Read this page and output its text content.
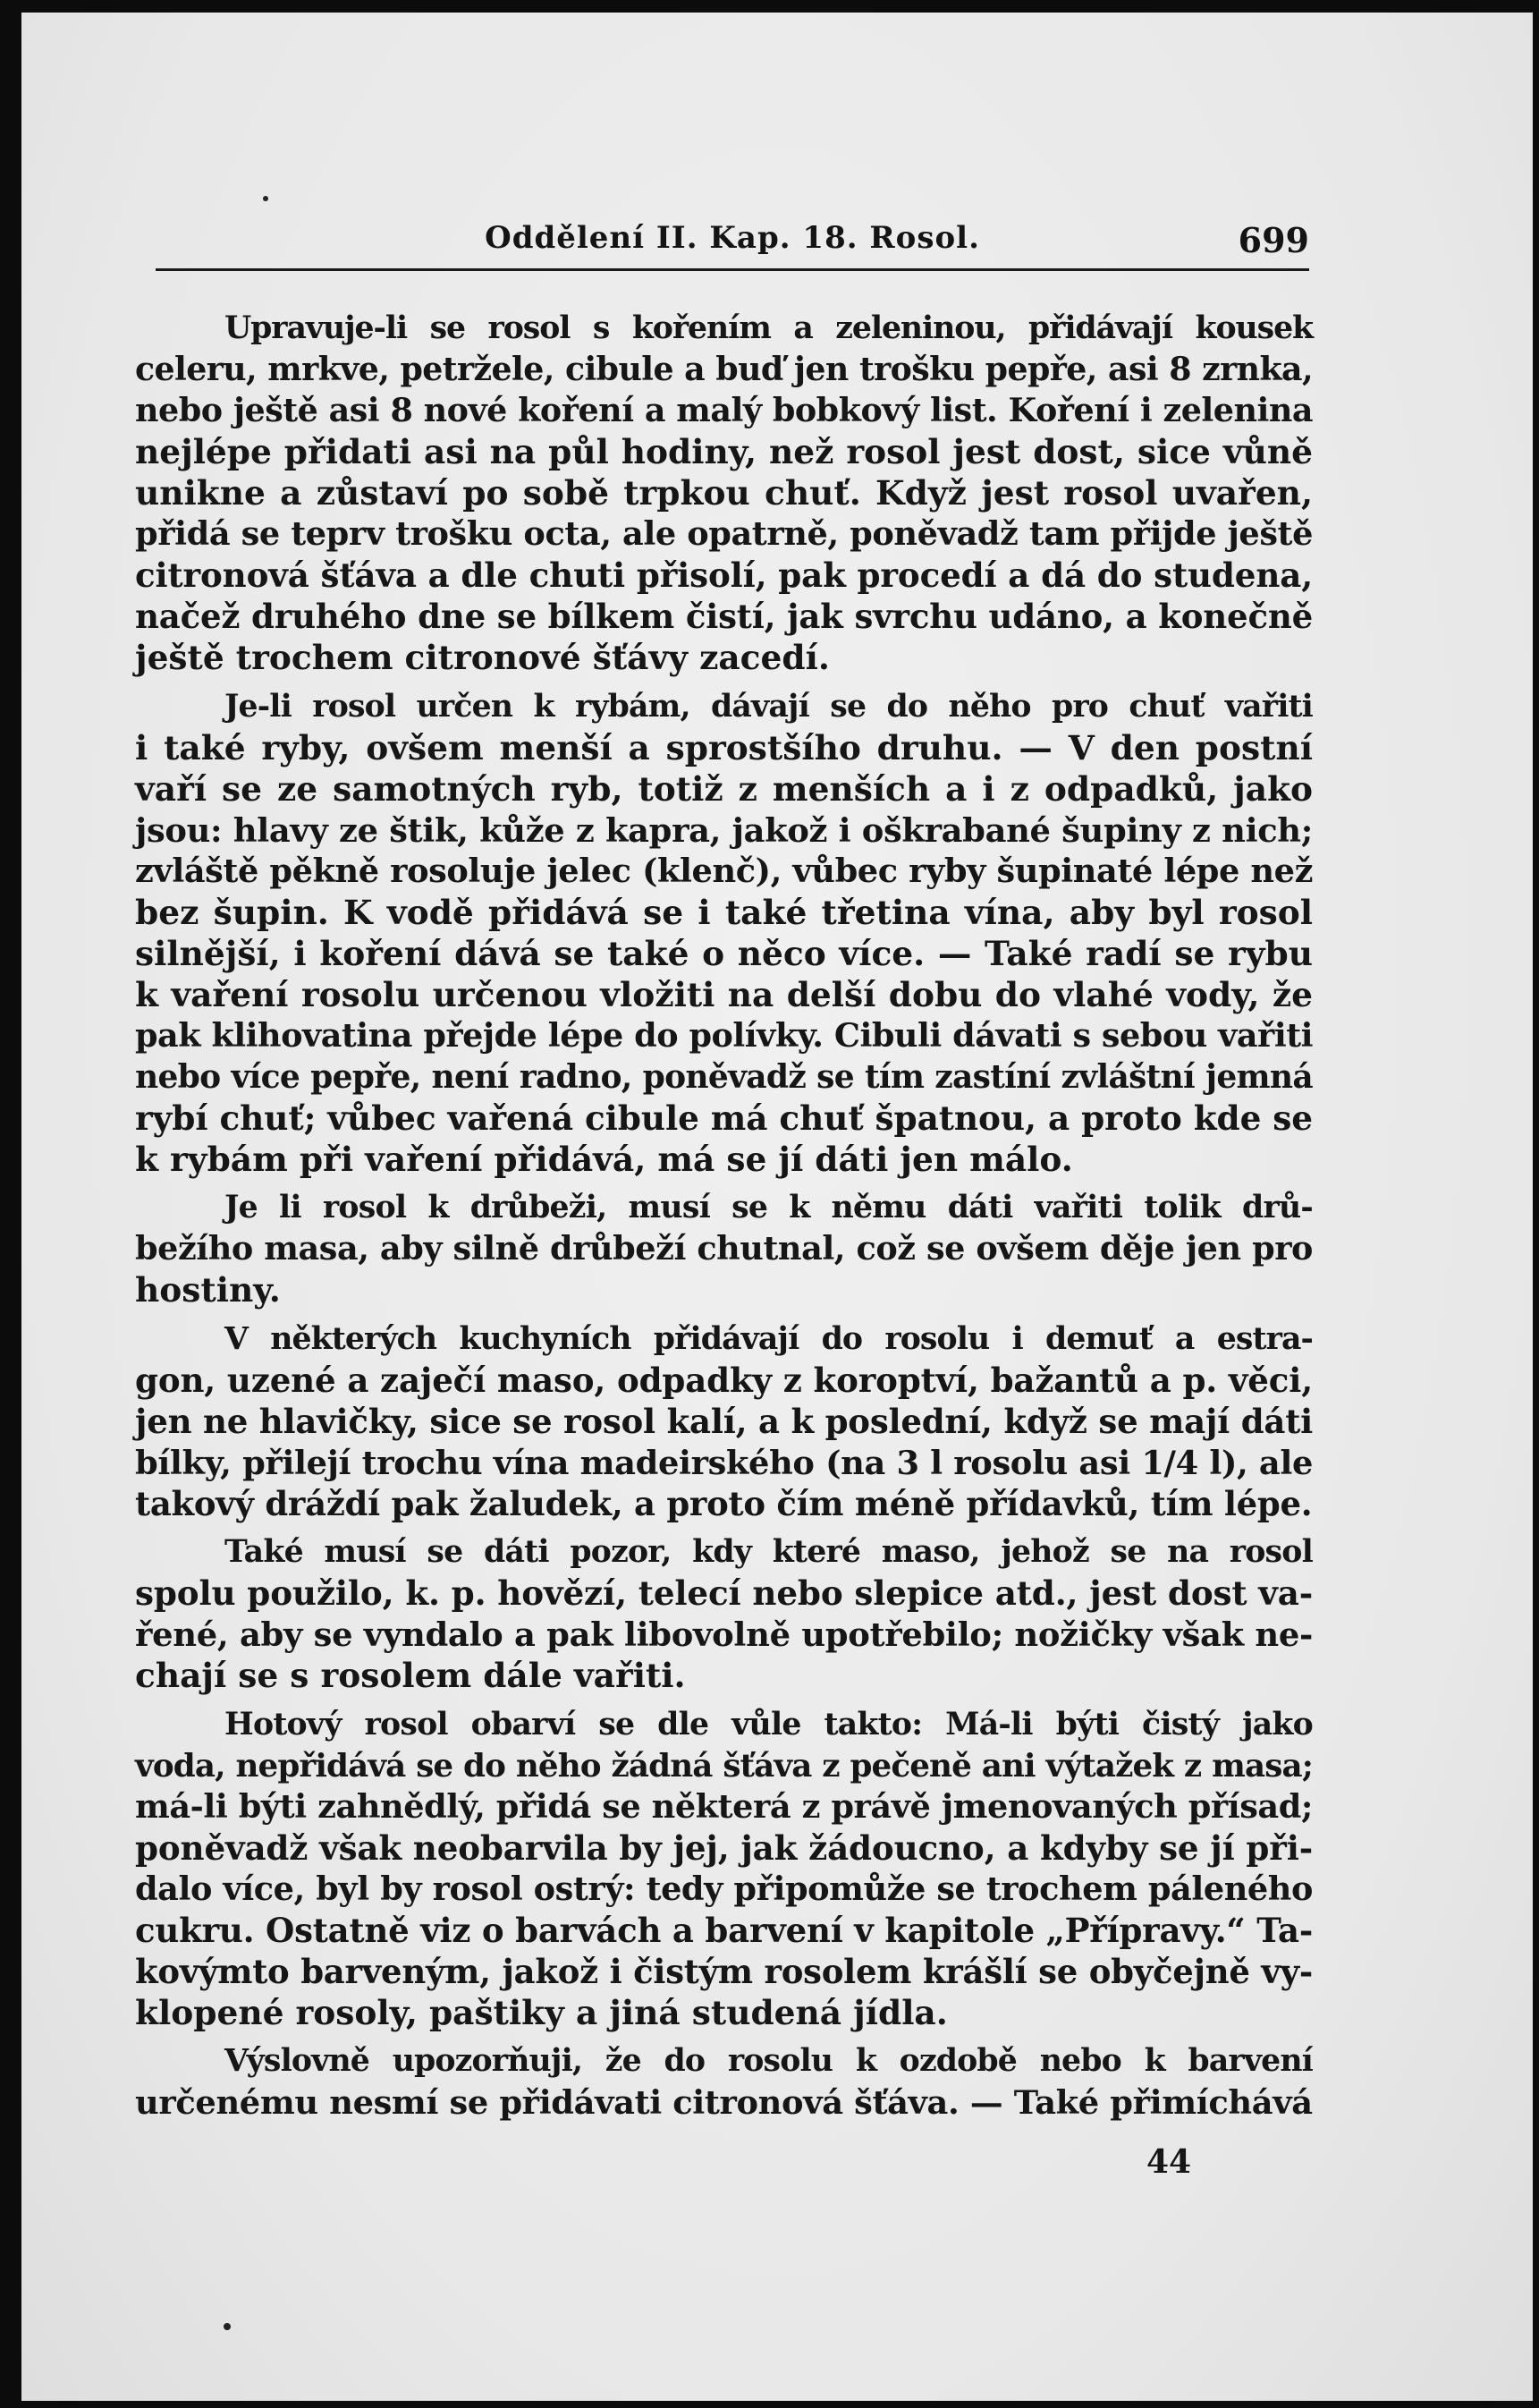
Oddělení II. Kap. 18. Rosol.	699
Upravuje-li se rosol s kořením a zeleninou, přidávají kousek
celeru, mrkve, petržele, cibule a buď jen trošku pepře, asi 8 zrnka,
nebo ještě asi 8 nové koření a malý bobkový list. Koření i zelenina
nejlépe přidati asi na půl hodiny, než rosol jest dost, sice vůně
unikne a zůstaví po sobě trpkou chuť. Když jest rosol uvařen,
přidá se teprv trošku octa, ale opatrně, poněvadž tam přijde ještě
citronová šťáva a dle chuti přisolí, pak procedí a dá do studena,
načež druhého dne se bílkem čistí, jak svrchu udáno, a konečně
ještě trochem citronové šťávy zacedí.
Je-li rosol určen k rybám, dávají se do něho pro chuť vařiti
i také ryby, ovšem menší a sprostšího druhu. — V den postní
vaří se ze samotných ryb, totiž z menších a i z odpadků, jako
jsou: hlavy ze štik, kůže z kapra, jakož i oškrabané šupiny z nich;
zvláště pěkně rosoluje jelec (klenč), vůbec ryby šupinaté lépe než
bez šupin. K vodě přidává se i také třetina vína, aby byl rosol
silnější, i koření dává se také o něco více. — Také radí se rybu
k vaření rosolu určenou vložiti na delší dobu do vlahé vody, že
pak klihovatina přejde lépe do polívky. Cibuli dávati s sebou vařiti
nebo více pepře, není radno, poněvadž se tím zastíní zvláštní jemná
rybí chuť; vůbec vařená cibule má chuť špatnou, a proto kde se
k rybám při vaření přidává, má se jí dáti jen málo.
Je li rosol k drůbeži, musí se k němu dáti vařiti tolik drů-
bežího masa, aby silně drůbeží chutnal, což se ovšem děje jen pro
hostiny.
V některých kuchyních přidávají do rosolu i demuť a estra-
gon, uzené a zaječí maso, odpadky z koroptví, bažantů a p. věci,
jen ne hlavičky, sice se rosol kalí, a k poslední, když se mají dáti
bílky, přilejí trochu vína madeirského (na 3 l rosolu asi 1/4 l), ale
takový dráždí pak žaludek, a proto čím méně přídavků, tím lépe.
Také musí se dáti pozor, kdy které maso, jehož se na rosol
spolu použilo, k. p. hovězí, telecí nebo slepice atd., jest dost va-
řené, aby se vyndalo a pak libovolně upotřebilo; nožičky však ne-
chají se s rosolem dále vařiti.
Hotový rosol obarví se dle vůle takto: Má-li býti čistý jako
voda, nepřidává se do něho žádná šťáva z pečeně ani výtažek z masa;
má-li býti zahnědlý, přidá se některá z právě jmenovaných přísad;
poněvadž však neobarvila by jej, jak žádoucno, a kdyby se jí při-
dalo více, byl by rosol ostrý: tedy připomůže se trochem páleného
cukru. Ostatně viz o barvách a barvení v kapitole „Přípravy.“ Ta-
kovýmto barveným, jakož i čistým rosolem krášlí se obyčejně vy-
klopené rosoly, paštiky a jiná studená jídla.
Výslovně upozorňuji, že do rosolu k ozdobě nebo k barvení
určenému nesmí se přidávati citronová šťáva. — Také přimíchává
44
